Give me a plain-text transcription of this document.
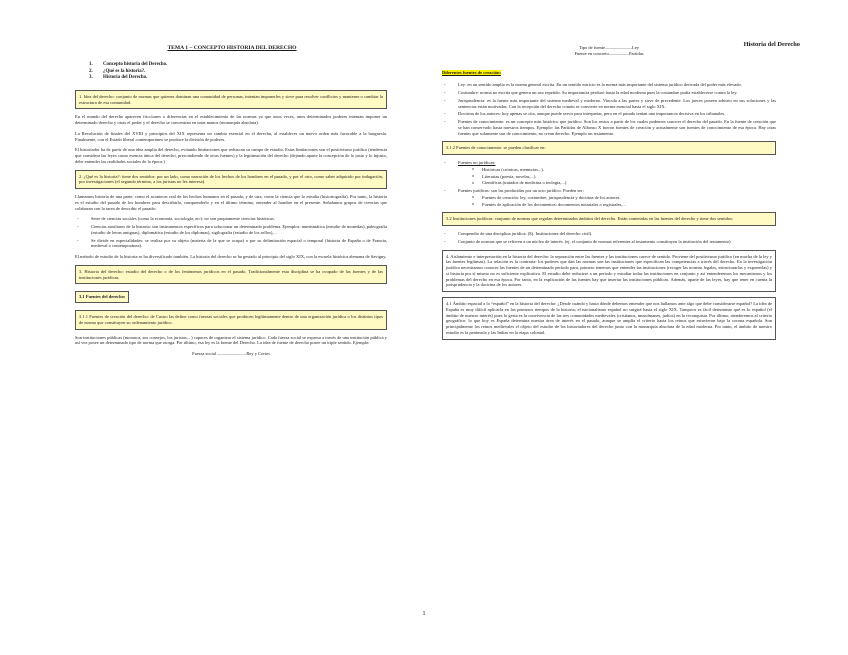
Historia del Derecho
TEMA 1 – CONCEPTO HISTORIA DEL DERECHO
1.	Concepto historia del Derecho.
2.	¿Qué es la historia?.
3.	Historia del Derecho.
1. Idea del derecho: conjunto de normas que quienes dominan una comunidad de personas, intentan imponerles y sirve para resolver conflictos y mantener o cambiar la estructura de esa comunidad.

En el mundo del derecho aparecen fricciones o diferencias en el establecimiento de las normas ya que unos veces, unos determinados poderes intentan imponer un determinado derecho y otras el poder y el derecho se concentran en unas manos (monarquía absoluta).

La Revolución de finales del XVIII y principios del XIX representa un cambio esencial en el derecho, al establecer un nuevo orden más favorable a la burguesía. Finalmente, con el Estado liberal contemporáneo se produce la división de poderes.

El historiador ha de partir de una idea amplia del derecho, evitando limitaciones que reduzcan su campo de estudio. Estas limitaciones son el positivismo jurídico (tendencia que considera las leyes como esencia única del derecho, prescindiendo de otras fuentes) y la legitimación del derecho (dejando aparte la concepción de lo justo y lo injusto, debe entender las realidades sociales de la época.)

2. ¿Qué es la historia?: tiene dos sentidos: por un lado, como narración de los hechos de los hombres en el pasado, y por el otro, como saber adquirido por indagación, por investigaciones (el segundo término, a los juristas no les interesa).

Llamamos historia de una parte, como el acontecer real de los hechos humanos en el pasado, y de otra, como la ciencia que lo estudia (historiografía). Por tanto, la historia es el estudio del pasado de los hombres para describirlo, comprenderlo y en el último término, entender al hombre en el presente. Señalamos grupos de ciencias que colaboran con la tarea de describir el pasado:

- Serie de ciencias sociales (como la economía, sociología, etc): no son propiamente ciencias históricas.
- Ciencias auxiliares de la historia: son instrumentos específicos para solucionar un determinado problema. Ejemplos: numismática (estudio de monedas), paleografía (estudio de letras antiguas), diplomática (estudio de los diplomas), sigilografía (estudio de los sellos),...
- Se divide en especialidades: se realiza por su objeto (materia de la que se ocupa) o por su delimitación espacial o temporal (historia de España o de Francia, medieval o contemporánea).

El método de estudio de la historia se ha diversificado también. La historia del derecho se ha gestado al principio del siglo XIX, con la escuela histórica alemana de Savigny.

3. Historia del derecho: estudio del derecho o de los fenómenos jurídicos en el pasado. Tradicionalmente esta disciplina se ha ocupado de las fuentes y de las instituciones jurídicas.
3.1 Fuentes del derecho:
3.1.1 Fuentes de creación del derecho: de Castro las define como fuerzas sociales que producen legítimamente dentro de una organización jurídica o los distintos tipos de norma que constituyen su ordenamiento jurídico.

Son instituciones públicas (monarca, sus consejos, los juristas,...) capaces de organizar el sistema jurídico. Cada fuerza social se expresa a través de una institución pública y así vez posee un determinado tipo de norma que otorga. Por último, esa ley es la fuente del Derecho. La idea de fuente de derecho posee un triple sentido. Ejemplo:

Fuerza social –––––––––––––Rey y Cortes
Tipo de fuente––––––––––––Ley
Fuente en concreto–––––––––Partidas
Diferentes fuentes de creación:
- Ley: en un sentido amplio es la norma general escrita. En un sentido estricto es la norma más importante del sistema jurídico derivada del poder más elevado.
- Costumbre: norma no escrita que genera un uso repetido. Su importancia perduró hasta la edad moderna pues la costumbre podía establecerse contra la ley.
- Jurisprudencia: es la fuente más importante del sistema medieval y moderno. Vincula a las partes y sirve de precedente. Los jueces poseen arbitrio en sus soluciones y las sentencias están motivadas. Con la recepción del derecho común se convierte en norma esencial hasta el siglo XIX.
- Doctrina de los autores: hoy apenas se cita, aunque puede servir para interpretar, pero en el pasado tenían una importancia decisiva en los tribunales.
- Fuentes de conocimiento: es un concepto más histórico que jurídico. Son los restos a partir de los cuales podemos conocer el derecho del pasado. En la fuente de creación que se han conservado hasta nuestros tiempos. Ejemplo: las Partidas de Alfonso X fueron fuentes de creación y actualmente son fuentes de conocimiento de esa época. Hay otras fuentes que solamente son de conocimiento, no crean derecho. Ejemplo un testamento.
3.1.2 Fuentes de conocimiento: se pueden clasificar en:
- Fuentes no jurídicas:
o Históricas (crónicas, memorias...).
o Literarias (poesía, novelas,...).
o Científicas (tratados de medicina o teología,...)
- Fuentes jurídicas: son las producidas por un acto jurídico. Pueden ser:
o Fuentes de creación: ley, costumbre, jurisprudencia y doctrina de los autores.
o Fuentes de aplicación de los documentos: documentos notariales o registrales,...
3.2 Instituciones jurídicas: conjunto de normas que regulan determinados ámbitos del derecho. Están contenidas en las fuentes del derecho y tiene dos sentidos:
- Compendio de una disciplina jurídica. (Ej. Instituciones del derecho civil).
- Conjunto de normas que se refieren a un núcleo de interés. (ej. el conjunto de normas referentes al testamento constituyen la institución del testamento).
4. Aislamiento e interpretación en la historia del derecho: la separación entre las fuentes y las instituciones carece de sentido. Proviene del positivismo jurídico (en mucha de la ley y las fuentes legítimas). La relación es la contraria: los poderes que dan las normas son las instituciones que especifican las competencias a través del derecho. En la investigación jurídica necesitamos conocer las fuentes de un determinado período para, primero tenemos que entender las instituciones (recoger las normas legales, estructurarlas y exponerlas) y si historia por sí mismo no es suficiente explicativa. El estudio debe reducirse a un período y estudiar todas las instituciones en conjunto y así entenderemos los mecanismos y los problemas del derecho en esa época. Por tanto, en la explicación de las fuentes hay que insertar las instituciones públicas. Además, aparte de las leyes, hay que tener en cuenta la jurisprudencia y la doctrina de los autores.
4.1 Ámbito espacial a lo “español” en la historia del derecho: ¿Desde cuándo y hasta dónde debemos entender que nos hallamos ante algo que debe considerarse español? La idea de España es muy difícil aplicarla en los primeros tiempos de la historia; el nacionalismo español no surgirá hasta el siglo XIX. Tampoco es fácil determinar qué es lo español (el ámbito de nuestro interés) pues lo gesta es la convivencia de las tres comunidades medievales (cristianos, musulmanes, judíos) en la reconquista. Por último, atenderemos al criterio geográfico: lo que hoy es España determina nuestra área de interés en el pasado, aunque se amplía el criterio hasta los reinos que estuvieron bajo la corona española. Son principalmente los reinos medievales el objeto del estudio de los historiadores del derecho junto con la monarquía absoluta de la edad moderna. Por tanto, el ámbito de nuestro estudio es la península y las Indias en la etapa colonial.
1
